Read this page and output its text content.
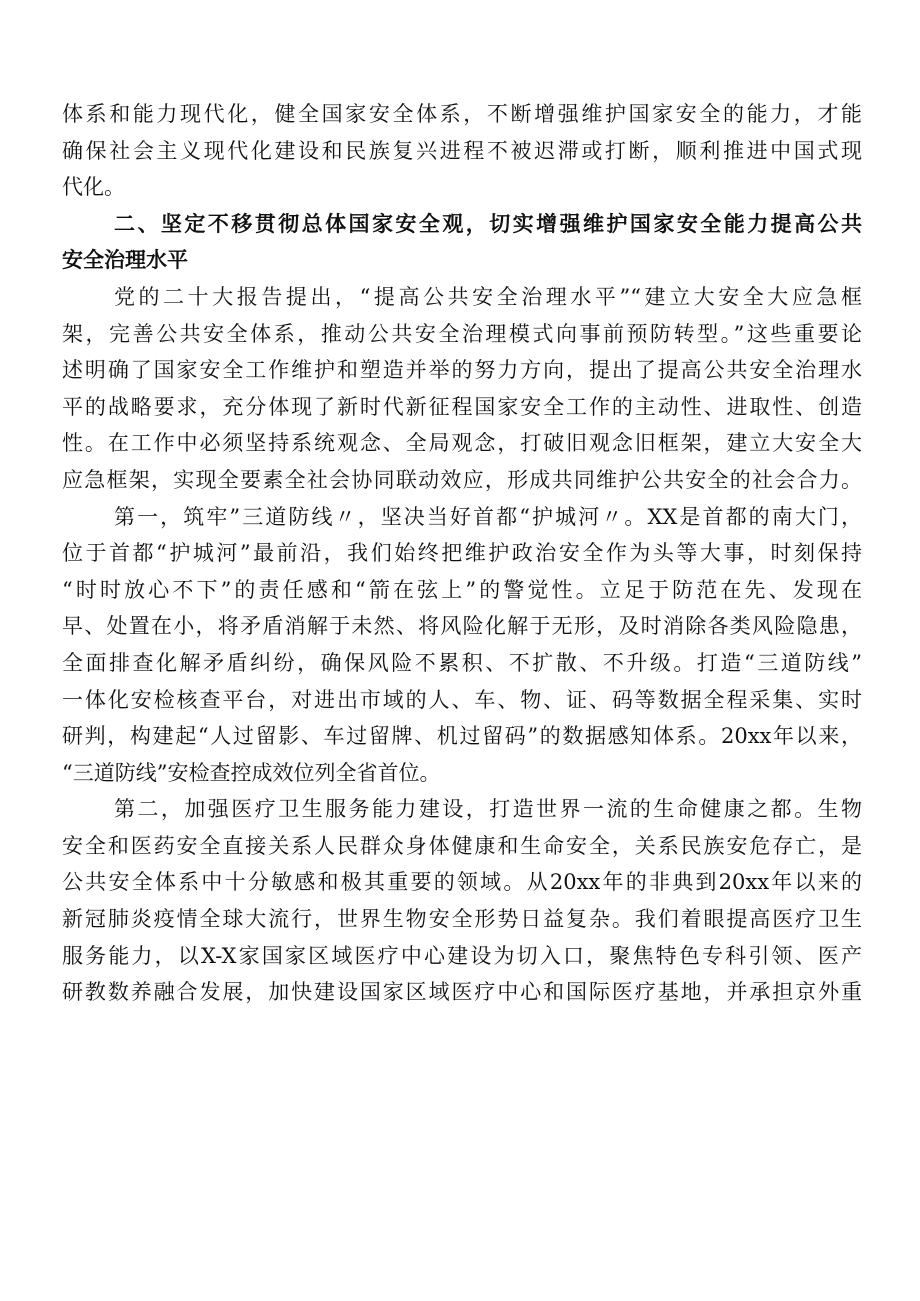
体系和能力现代化，健全国家安全体系，不断增强维护国家安全的能力，才能
确保社会主义现代化建设和民族复兴进程不被迟滞或打断，顺利推进中国式现
代化。
二、坚定不移贯彻总体国家安全观，切实增强维护国家安全能力提高公共
安全治理水平
党的二十大报告提出，“提高公共安全治理水平”“建立大安全大应急框
架，完善公共安全体系，推动公共安全治理模式向事前预防转型。”这些重要论
述明确了国家安全工作维护和塑造并举的努力方向，提出了提高公共安全治理水
平的战略要求，充分体现了新时代新征程国家安全工作的主动性、进取性、创造
性。在工作中必须坚持系统观念、全局观念，打破旧观念旧框架，建立大安全大
应急框架，实现全要素全社会协同联动效应，形成共同维护公共安全的社会合力。
第一，筑牢”三道防线〃，坚决当好首都“护城河〃。XX是首都的南大门，
位于首都“护城河”最前沿，我们始终把维护政治安全作为头等大事，时刻保持
“时时放心不下”的责任感和“箭在弦上”的警觉性。立足于防范在先、发现在
早、处置在小，将矛盾消解于未然、将风险化解于无形，及时消除各类风险隐患，
全面排查化解矛盾纠纷，确保风险不累积、不扩散、不升级。打造“三道防线”
一体化安检核查平台，对进出市域的人、车、物、证、码等数据全程采集、实时
研判，构建起“人过留影、车过留牌、机过留码”的数据感知体系。20xx年以来，
“三道防线”安检查控成效位列全省首位。
第二，加强医疗卫生服务能力建设，打造世界一流的生命健康之都。生物
安全和医药安全直接关系人民群众身体健康和生命安全，关系民族安危存亡，是
公共安全体系中十分敏感和极其重要的领域。从20xx年的非典到20xx年以来的
新冠肺炎疫情全球大流行，世界生物安全形势日益复杂。我们着眼提高医疗卫生
服务能力，以X-X家国家区域医疗中心建设为切入口，聚焦特色专科引领、医产
研教数养融合发展，加快建设国家区域医疗中心和国际医疗基地，并承担京外重
